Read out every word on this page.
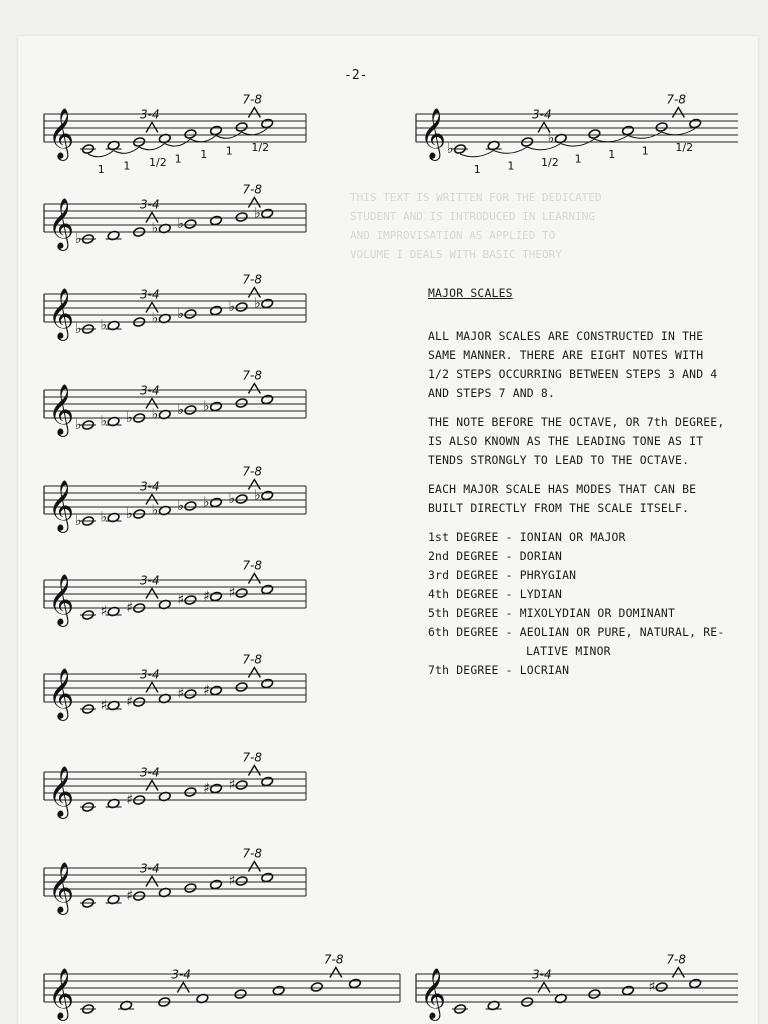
-2-
𝄞	3-4
7-8
1 1 1/2 1 1 1 1/2	𝄞 ♭
♭
3-4
7-8
1 1 1/2 1 1 1 1/2
𝄞 ♭
♭ ♭
♭
3-4
7-8
𝄞 ♭ ♭	♭ ♭	♭ ♭
3-4
7-8
𝄞 ♭ ♭ ♭ ♭ ♭ ♭
3-4
7-8
𝄞 ♭ ♭ ♭ ♭ ♭ ♭ ♭ ♭
3-4
7-8
𝄞 ♯ ♯	♯ ♯ ♯
3-4
7-8
𝄞 ♯ ♯	♯ ♯
3-4
7-8
𝄞	♯
♯ ♯
3-4
7-8
𝄞	♯
♯
3-4
7-8
𝄞	3-4
7-8
𝄞	♯
3-4
7-8
THIS TEXT IS WRITTEN FOR THE DEDICATED
STUDENT AND IS INTRODUCED IN LEARNING
AND IMPROVISATION AS APPLIED TO
VOLUME I DEALS WITH BASIC THEORY

MAJOR SCALES

ALL MAJOR SCALES ARE CONSTRUCTED IN THE SAME MANNER. THERE ARE EIGHT NOTES WITH 1/2 STEPS OCCURRING BETWEEN STEPS 3 AND 4 AND STEPS 7 AND 8.

THE NOTE BEFORE THE OCTAVE, OR 7th DEGREE, IS ALSO KNOWN AS THE LEADING TONE AS IT TENDS STRONGLY TO LEAD TO THE OCTAVE.

EACH MAJOR SCALE HAS MODES THAT CAN BE BUILT DIRECTLY FROM THE SCALE ITSELF.

1st DEGREE - IONIAN OR MAJOR
2nd DEGREE - DORIAN
3rd DEGREE - PHRYGIAN
4th DEGREE - LYDIAN
5th DEGREE - MIXOLYDIAN OR DOMINANT
6th DEGREE - AEOLIAN OR PURE, NATURAL, RE-
LATIVE MINOR
7th DEGREE - LOCRIAN
